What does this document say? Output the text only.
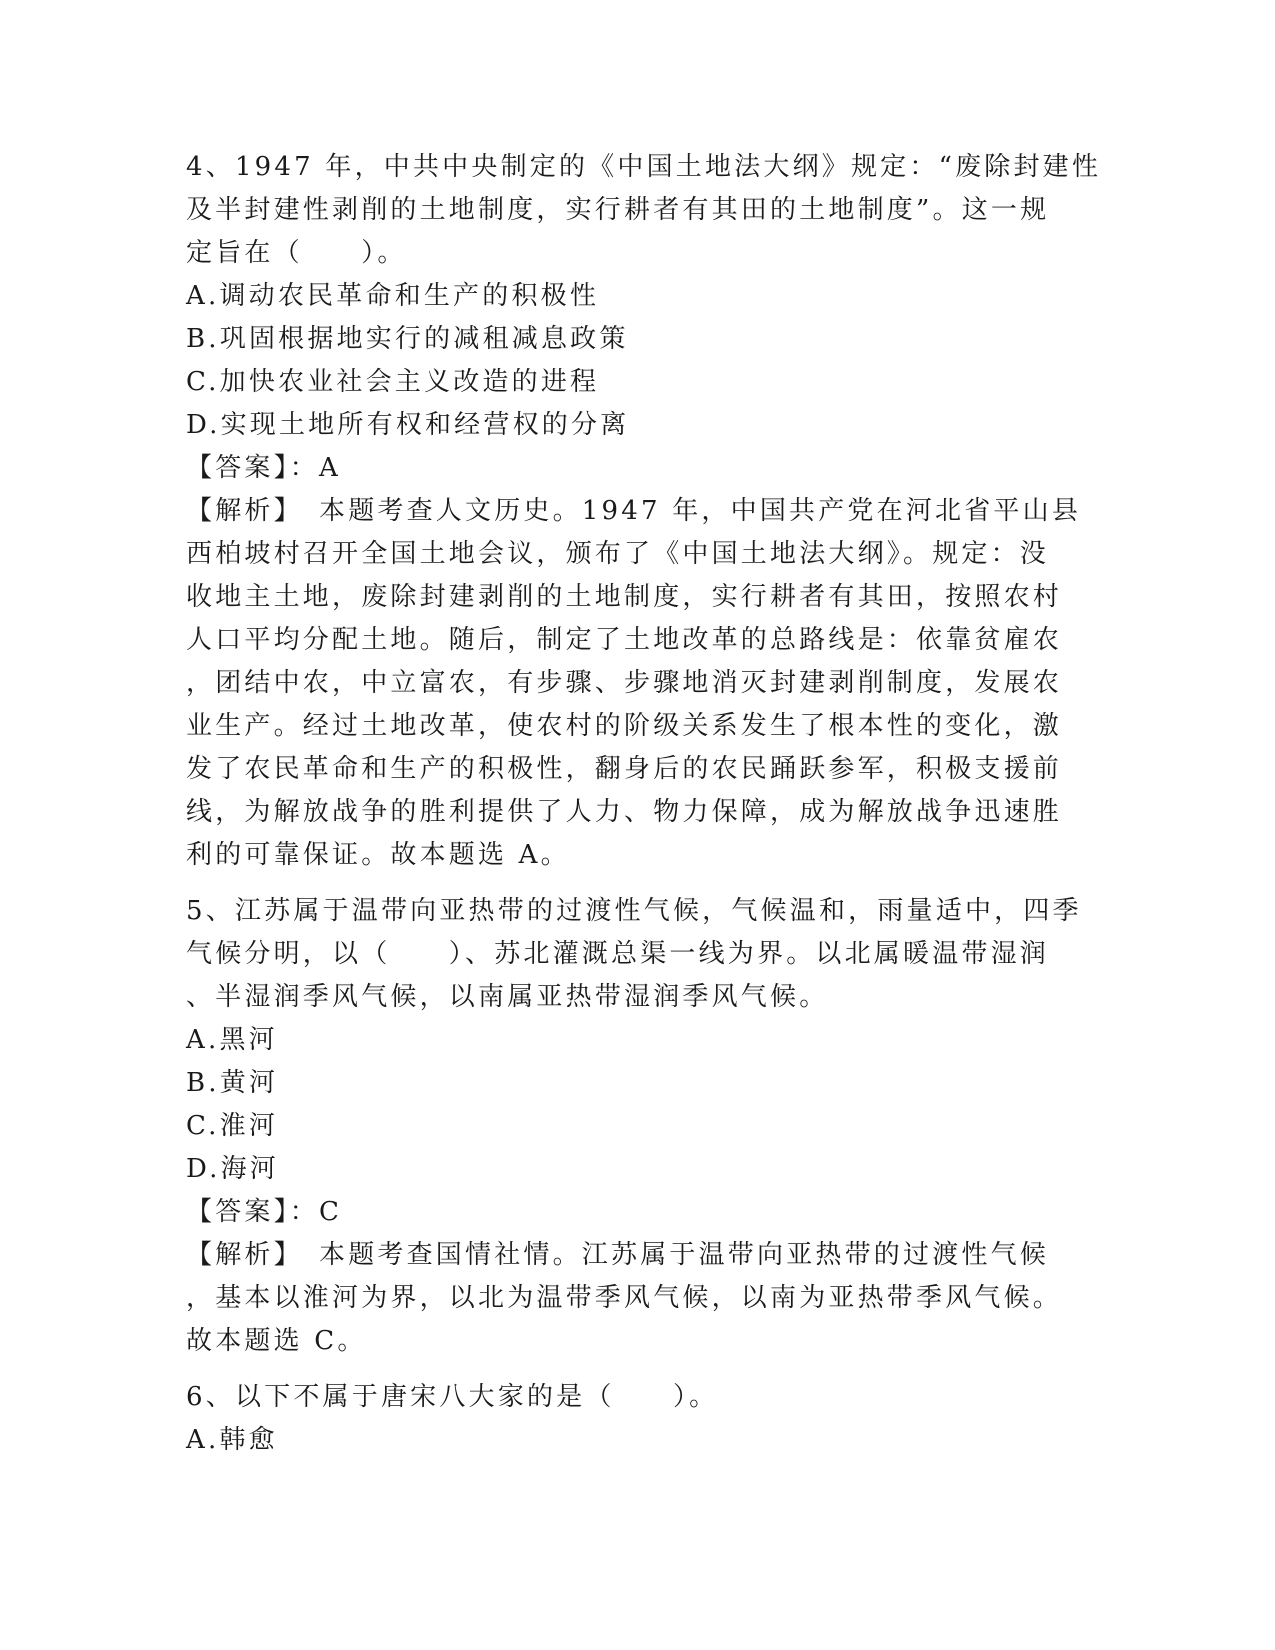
4、1947 年，中共中央制定的《中国土地法大纲》规定：“废除封建性
及半封建性剥削的土地制度，实行耕者有其田的土地制度”。这一规
定旨在（　　）。
A.调动农民革命和生产的积极性
B.巩固根据地实行的减租减息政策
C.加快农业社会主义改造的进程
D.实现土地所有权和经营权的分离
【答案】：A
【解析】　本题考查人文历史。1947 年，中国共产党在河北省平山县
西柏坡村召开全国土地会议，颁布了《中国土地法大纲》。规定：没
收地主土地，废除封建剥削的土地制度，实行耕者有其田，按照农村
人口平均分配土地。随后，制定了土地改革的总路线是：依靠贫雇农
，团结中农，中立富农，有步骤、步骤地消灭封建剥削制度，发展农
业生产。经过土地改革，使农村的阶级关系发生了根本性的变化，激
发了农民革命和生产的积极性，翻身后的农民踊跃参军，积极支援前
线，为解放战争的胜利提供了人力、物力保障，成为解放战争迅速胜
利的可靠保证。故本题选 A。
5、江苏属于温带向亚热带的过渡性气候，气候温和，雨量适中，四季
气候分明，以（　　）、苏北灌溉总渠一线为界。以北属暖温带湿润
、半湿润季风气候，以南属亚热带湿润季风气候。
A.黑河
B.黄河
C.淮河
D.海河
【答案】：C
【解析】　本题考查国情社情。江苏属于温带向亚热带的过渡性气候
，基本以淮河为界，以北为温带季风气候，以南为亚热带季风气候。
故本题选 C。
6、以下不属于唐宋八大家的是（　　）。
A.韩愈
